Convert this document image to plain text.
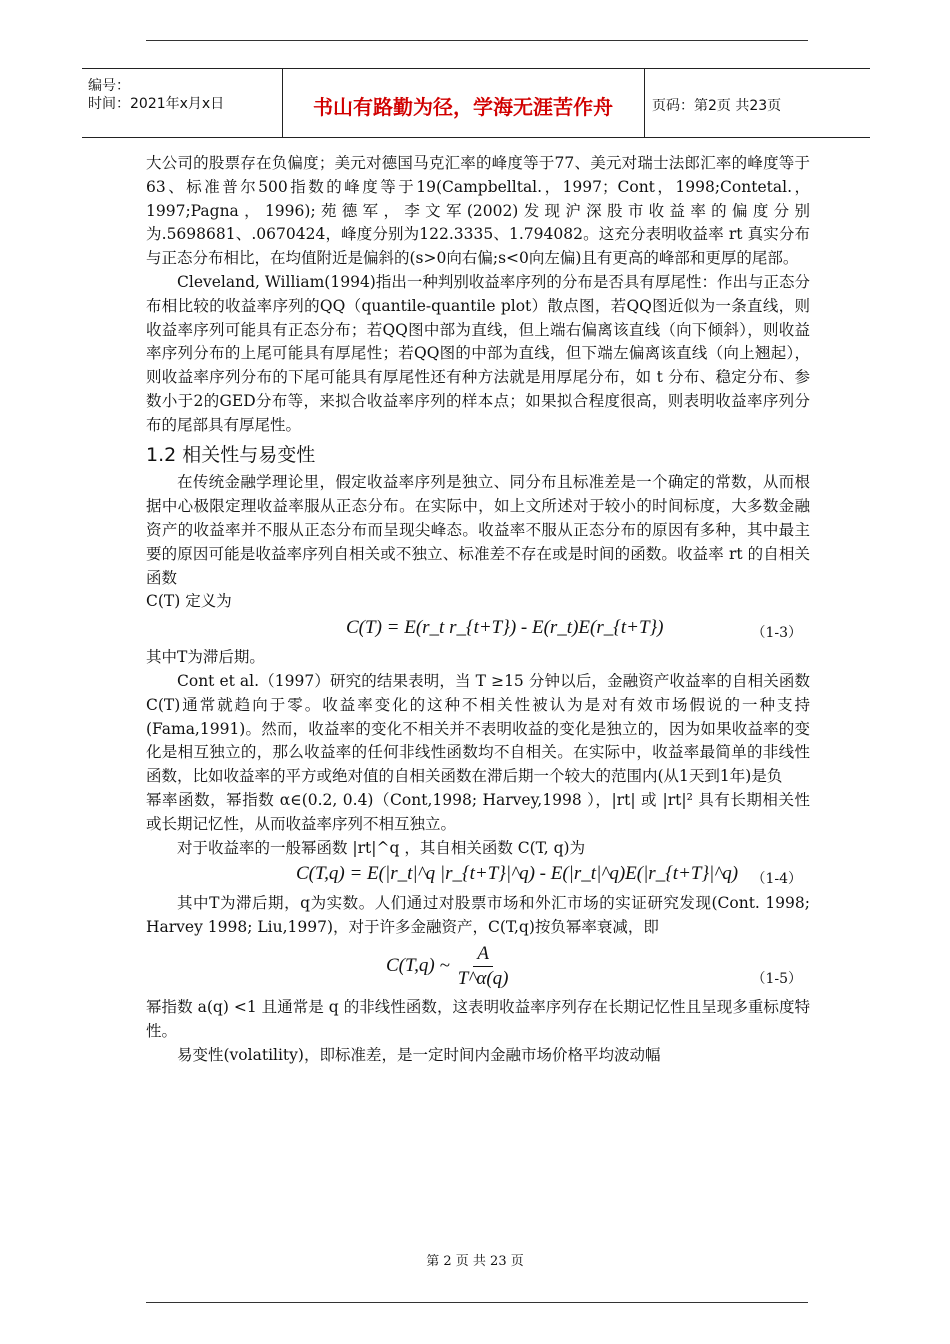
编号：
时间：2021年x月x日	书山有路勤为径，学海无涯苦作舟	页码：第2页 共23页

大公司的股票存在负偏度；美元对德国马克汇率的峰度等于77、美元对瑞士法郎汇率的峰度等于63、标准普尔500指数的峰度等于19(Campbelltal.，1997；Cont，1998;Contetal.，1997;Pagna，1996);苑德军，李文军(2002)发现沪深股市收益率的偏度分别为.5698681、.0670424，峰度分别为122.3335、1.794082。这充分表明收益率 rt 真实分布与正态分布相比，在均值附近是偏斜的(s>0向右偏;s<0向左偏)且有更高的峰部和更厚的尾部。

Cleveland, William(1994)指出一种判别收益率序列的分布是否具有厚尾性：作出与正态分布相比较的收益率序列的QQ（quantile-quantile plot）散点图，若QQ图近似为一条直线，则收益率序列可能具有正态分布；若QQ图中部为直线，但上端右偏离该直线（向下倾斜），则收益率序列分布的上尾可能具有厚尾性；若QQ图的中部为直线，但下端左偏离该直线（向上翘起），则收益率序列分布的下尾可能具有厚尾性还有种方法就是用厚尾分布，如 t 分布、稳定分布、参数小于2的GED分布等，来拟合收益率序列的样本点；如果拟合程度很高，则表明收益率序列分布的尾部具有厚尾性。

1.2 相关性与易变性

在传统金融学理论里，假定收益率序列是独立、同分布且标准差是一个确定的常数，从而根据中心极限定理收益率服从正态分布。在实际中，如上文所述对于较小的时间标度，大多数金融资产的收益率并不服从正态分布而呈现尖峰态。收益率不服从正态分布的原因有多种，其中最主要的原因可能是收益率序列自相关或不独立、标准差不存在或是时间的函数。收益率 rt 的自相关函数

C(T) 定义为

C(T) = E(r_t r_{t+T}) - E(r_t)E(r_{t+T})	（1-3）

其中T为滞后期。

Cont et al.（1997）研究的结果表明，当 T ≥15 分钟以后，金融资产收益率的自相关函数 C(T)通常就趋向于零。收益率变化的这种不相关性被认为是对有效市场假说的一种支持(Fama,1991)。然而，收益率的变化不相关并不表明收益的变化是独立的，因为如果收益率的变化是相互独立的，那么收益率的任何非线性函数均不自相关。在实际中，收益率最简单的非线性函数，比如收益率的平方或绝对值的自相关函数在滞后期一个较大的范围内(从1天到1年)是负

幂率函数，幂指数 α∈(0.2, 0.4)（Cont,1998; Harvey,1998 ），|rt| 或 |rt|² 具有长期相关性或长期记忆性，从而收益率序列不相互独立。

对于收益率的一般幂函数 |rt|^q ，其自相关函数 C(T, q)为

C(T,q) = E(|r_t|^q |r_{t+T}|^q) - E(|r_t|^q)E(|r_{t+T}|^q) （1-4）

其中T为滞后期，q为实数。人们通过对股票市场和外汇市场的实证研究发现(Cont. 1998; Harvey 1998; Liu,1997)，对于许多金融资产，C(T,q)按负幂率衰减，即

C(T,q) ~ $\frac{A}{T\^{}\alpha(q)}$	（1-5）

幂指数 a(q) <1 且通常是 q 的非线性函数，这表明收益率序列存在长期记忆性且呈现多重标度特性。

易变性(volatility)，即标准差，是一定时间内金融市场价格平均波动幅

第 2 页 共 23 页
